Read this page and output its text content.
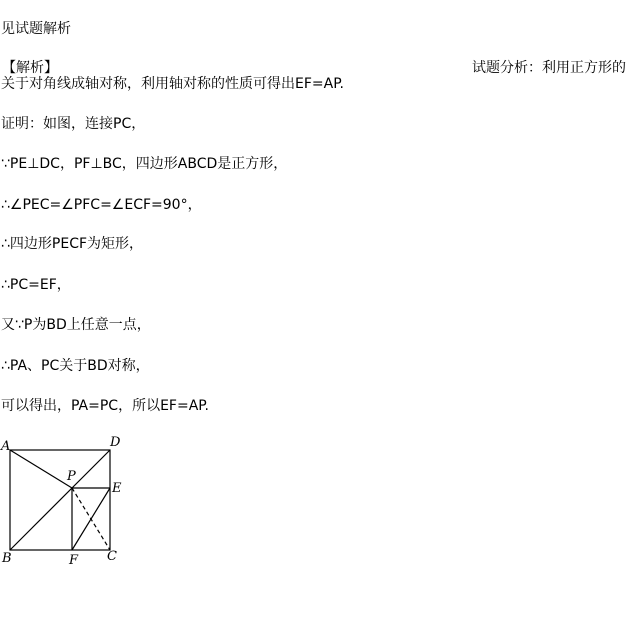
见试题解析
【解析】	试题分析：利用正方形的
关于对角线成轴对称，利用轴对称的性质可得出EF=AP.
证明：如图，连接PC，
∵PE⊥DC，PF⊥BC，四边形ABCD是正方形，
∴∠PEC=∠PFC=∠ECF=90°，
∴四边形PECF为矩形，
∴PC=EF，
又∵P为BD上任意一点，
∴PA、PC关于BD对称，
可以得出，PA=PC，所以EF=AP.
A	D
P
E
B	F C
